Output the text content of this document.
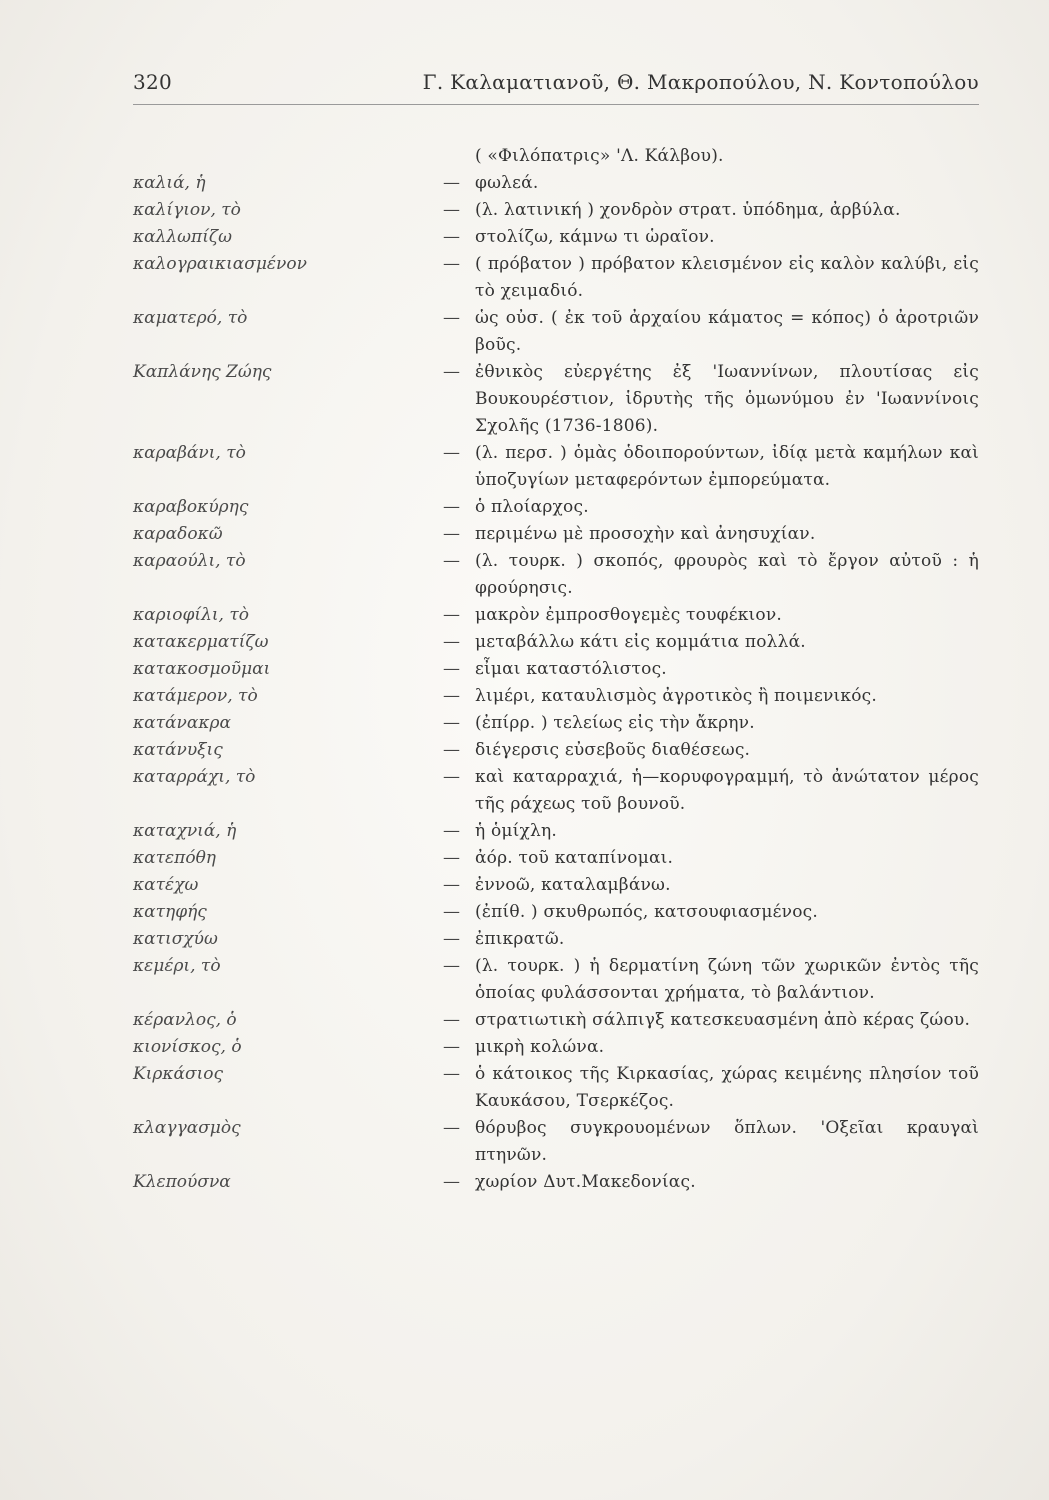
320	Γ. Καλαματιανοῦ, Θ. Μακροπούλου, Ν. Κοντοπούλου
( «Φιλόπατρις» 'Λ. Κάλβου).
καλιά, ἡ	— φωλεά.
καλίγιον, τὸ	— (λ. λατινική ) χονδρὸν στρατ. ὑπόδημα, ἀρβύλα.
καλλωπίζω	— στολίζω, κάμνω τι ὡραῖον.
καλογραικιασμένον	— ( πρόβατον ) πρόβατον κλεισμένον εἰς καλὸν καλύβι, εἰς τὸ χειμαδιό.
καματερό, τὸ	— ὡς οὐσ. ( ἐκ τοῦ ἀρχαίου κάματος = κόπος) ὁ ἀροτριῶν βοῦς.
Καπλάνης Ζώης	— ἐθνικὸς εὐεργέτης ἐξ 'Ιωαννίνων, πλουτίσας εἰς Βουκουρέστιον, ἱδρυτὴς τῆς ὁμωνύμου ἐν 'Ιωαννίνοις Σχολῆς (1736-1806).
καραβάνι, τὸ	— (λ. περσ. ) ὁμὰς ὁδοιπορούντων, ἰδίᾳ μετὰ καμήλων καὶ ὑποζυγίων μεταφερόντων ἐμπορεύματα.
καραβοκύρης	— ὁ πλοίαρχος.
καραδοκῶ	— περιμένω μὲ προσοχὴν καὶ ἀνησυχίαν.
καραούλι, τὸ	— (λ. τουρκ. ) σκοπός, φρουρὸς καὶ τὸ ἔργον αὐτοῦ : ἡ φρούρησις.
καριοφίλι, τὸ	— μακρὸν ἐμπροσθογεμὲς τουφέκιον.
κατακερματίζω	— μεταβάλλω κάτι εἰς κομμάτια πολλά.
κατακοσμοῦμαι	— εἶμαι καταστόλιστος.
κατάμερον, τὸ	— λιμέρι, καταυλισμὸς ἀγροτικὸς ἢ ποιμενικός.
κατάνακρα	— (ἐπίρρ. ) τελείως εἰς τὴν ἄκρην.
κατάνυξις	— διέγερσις εὐσεβοῦς διαθέσεως.
καταρράχι, τὸ	— καὶ καταρραχιά, ἡ—κορυφογραμμή, τὸ ἀνώτατον μέρος τῆς ράχεως τοῦ βουνοῦ.
καταχνιά, ἡ	— ἡ ὁμίχλη.
κατεπόθη	— ἀόρ. τοῦ καταπίνομαι.
κατέχω	— ἐννοῶ, καταλαμβάνω.
κατηφής	— (ἐπίθ. ) σκυθρωπός, κατσουφιασμένος.
κατισχύω	— ἐπικρατῶ.
κεμέρι, τὸ	— (λ. τουρκ. ) ἡ δερματίνη ζώνη τῶν χωρικῶν ἐντὸς τῆς ὁποίας φυλάσσονται χρήματα, τὸ βαλάντιον.
κέρανλος, ὁ	— στρατιωτικὴ σάλπιγξ κατεσκευασμένη ἀπὸ κέρας ζώου.
κιονίσκος, ὁ	— μικρὴ κολώνα.
Κιρκάσιος	— ὁ κάτοικος τῆς Κιρκασίας, χώρας κειμένης πλησίον τοῦ Καυκάσου, Τσερκέζος.
κλαγγασμὸς	— θόρυβος συγκρουομένων ὅπλων. 'Οξεῖαι κραυγαὶ πτηνῶν.
Κλεπούσνα	— χωρίον Δυτ.Μακεδονίας.
